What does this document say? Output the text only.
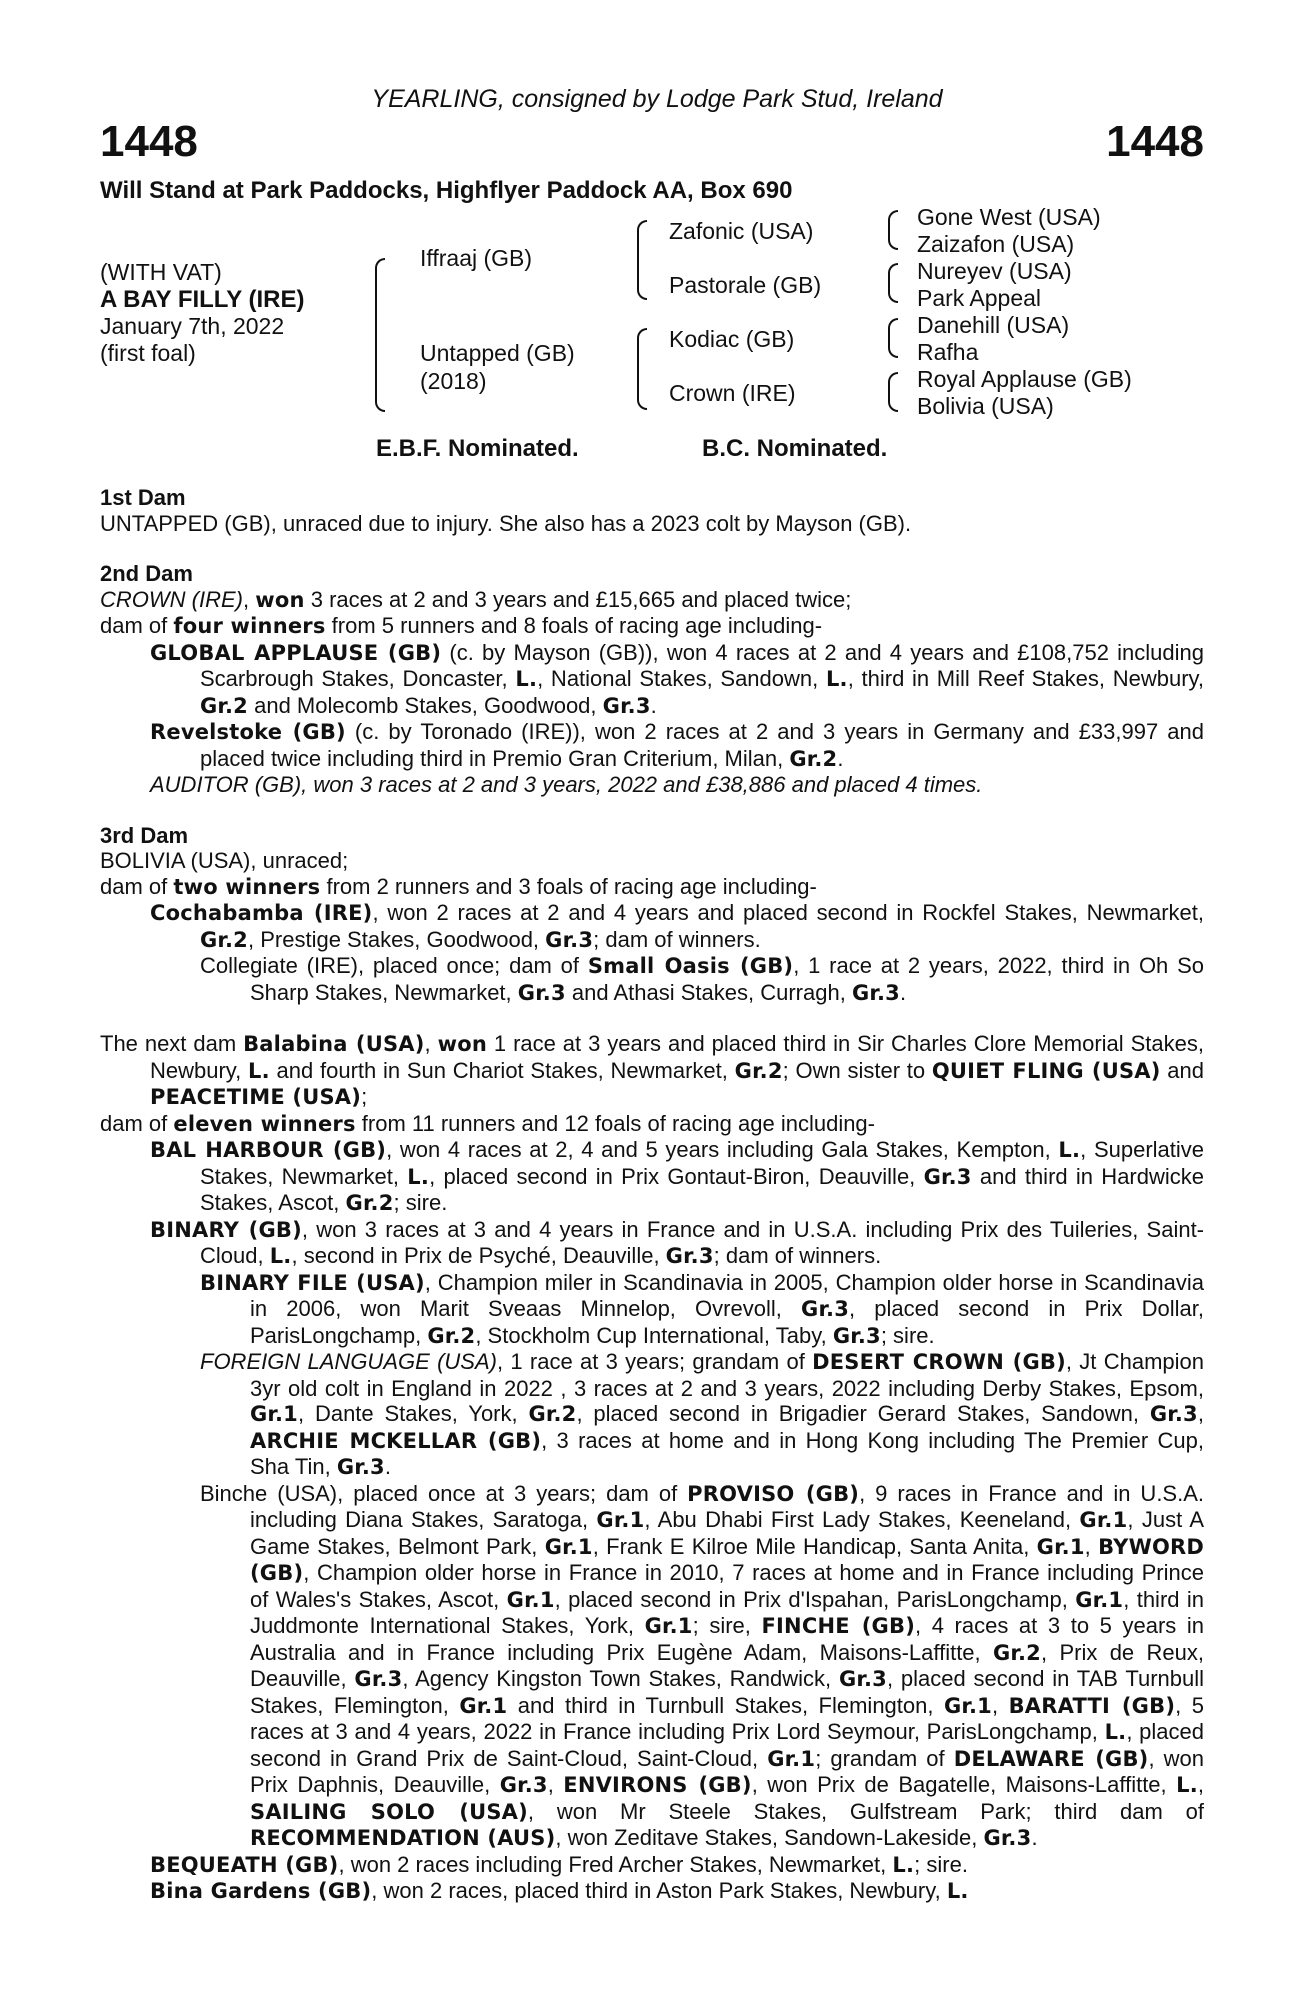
YEARLING, consigned by Lodge Park Stud, Ireland
1448	1448
Will Stand at Park Paddocks, Highflyer Paddock AA, Box 690
(WITH VAT)
A BAY FILLY (IRE)
January 7th, 2022
(first foal)
Iffraaj (GB)
Untapped (GB)
(2018)
Zafonic (USA)
Pastorale (GB)
Kodiac (GB)
Crown (IRE)
Gone West (USA)
Zaizafon (USA)
Nureyev (USA)
Park Appeal
Danehill (USA)
Rafha
Royal Applause (GB)
Bolivia (USA)
E.B.F. Nominated.	B.C. Nominated.

1st Dam

UNTAPPED (GB), unraced due to injury. She also has a 2023 colt by Mayson (GB).

2nd Dam

CROWN (IRE), won 3 races at 2 and 3 years and £15,665 and placed twice;

dam of four winners from 5 runners and 8 foals of racing age including-

GLOBAL APPLAUSE (GB) (c. by Mayson (GB)), won 4 races at 2 and 4 years and £108,752 including Scarbrough Stakes, Doncaster, L., National Stakes, Sandown, L., third in Mill Reef Stakes, Newbury, Gr.2 and Molecomb Stakes, Goodwood, Gr.3.

Revelstoke (GB) (c. by Toronado (IRE)), won 2 races at 2 and 3 years in Germany and £33,997 and placed twice including third in Premio Gran Criterium, Milan, Gr.2.

AUDITOR (GB), won 3 races at 2 and 3 years, 2022 and £38,886 and placed 4 times.

3rd Dam

BOLIVIA (USA), unraced;

dam of two winners from 2 runners and 3 foals of racing age including-

Cochabamba (IRE), won 2 races at 2 and 4 years and placed second in Rockfel Stakes, Newmarket, Gr.2, Prestige Stakes, Goodwood, Gr.3; dam of winners.

Collegiate (IRE), placed once; dam of Small Oasis (GB), 1 race at 2 years, 2022, third in Oh So Sharp Stakes, Newmarket, Gr.3 and Athasi Stakes, Curragh, Gr.3.

The next dam Balabina (USA), won 1 race at 3 years and placed third in Sir Charles Clore Memorial Stakes, Newbury, L. and fourth in Sun Chariot Stakes, Newmarket, Gr.2; Own sister to QUIET FLING (USA) and PEACETIME (USA);

dam of eleven winners from 11 runners and 12 foals of racing age including-

BAL HARBOUR (GB), won 4 races at 2, 4 and 5 years including Gala Stakes, Kempton, L., Superlative Stakes, Newmarket, L., placed second in Prix Gontaut-Biron, Deauville, Gr.3 and third in Hardwicke Stakes, Ascot, Gr.2; sire.

BINARY (GB), won 3 races at 3 and 4 years in France and in U.S.A. including Prix des Tuileries, Saint-Cloud, L., second in Prix de Psyché, Deauville, Gr.3; dam of winners.

BINARY FILE (USA), Champion miler in Scandinavia in 2005, Champion older horse in Scandinavia in 2006, won Marit Sveaas Minnelop, Ovrevoll, Gr.3, placed second in Prix Dollar, ParisLongchamp, Gr.2, Stockholm Cup International, Taby, Gr.3; sire.

FOREIGN LANGUAGE (USA), 1 race at 3 years; grandam of DESERT CROWN (GB), Jt Champion 3yr old colt in England in 2022 , 3 races at 2 and 3 years, 2022 including Derby Stakes, Epsom, Gr.1, Dante Stakes, York, Gr.2, placed second in Brigadier Gerard Stakes, Sandown, Gr.3, ARCHIE MCKELLAR (GB), 3 races at home and in Hong Kong including The Premier Cup, Sha Tin, Gr.3.

Binche (USA), placed once at 3 years; dam of PROVISO (GB), 9 races in France and in U.S.A. including Diana Stakes, Saratoga, Gr.1, Abu Dhabi First Lady Stakes, Keeneland, Gr.1, Just A Game Stakes, Belmont Park, Gr.1, Frank E Kilroe Mile Handicap, Santa Anita, Gr.1, BYWORD (GB), Champion older horse in France in 2010, 7 races at home and in France including Prince of Wales's Stakes, Ascot, Gr.1, placed second in Prix d'Ispahan, ParisLongchamp, Gr.1, third in Juddmonte International Stakes, York, Gr.1; sire, FINCHE (GB), 4 races at 3 to 5 years in Australia and in France including Prix Eugène Adam, Maisons-Laffitte, Gr.2, Prix de Reux, Deauville, Gr.3, Agency Kingston Town Stakes, Randwick, Gr.3, placed second in TAB Turnbull Stakes, Flemington, Gr.1 and third in Turnbull Stakes, Flemington, Gr.1, BARATTI (GB), 5 races at 3 and 4 years, 2022 in France including Prix Lord Seymour, ParisLongchamp, L., placed second in Grand Prix de Saint-Cloud, Saint-Cloud, Gr.1; grandam of DELAWARE (GB), won Prix Daphnis, Deauville, Gr.3, ENVIRONS (GB), won Prix de Bagatelle, Maisons-Laffitte, L., SAILING SOLO (USA), won Mr Steele Stakes, Gulfstream Park; third dam of RECOMMENDATION (AUS), won Zeditave Stakes, Sandown-Lakeside, Gr.3.

BEQUEATH (GB), won 2 races including Fred Archer Stakes, Newmarket, L.; sire.

Bina Gardens (GB), won 2 races, placed third in Aston Park Stakes, Newbury, L.
